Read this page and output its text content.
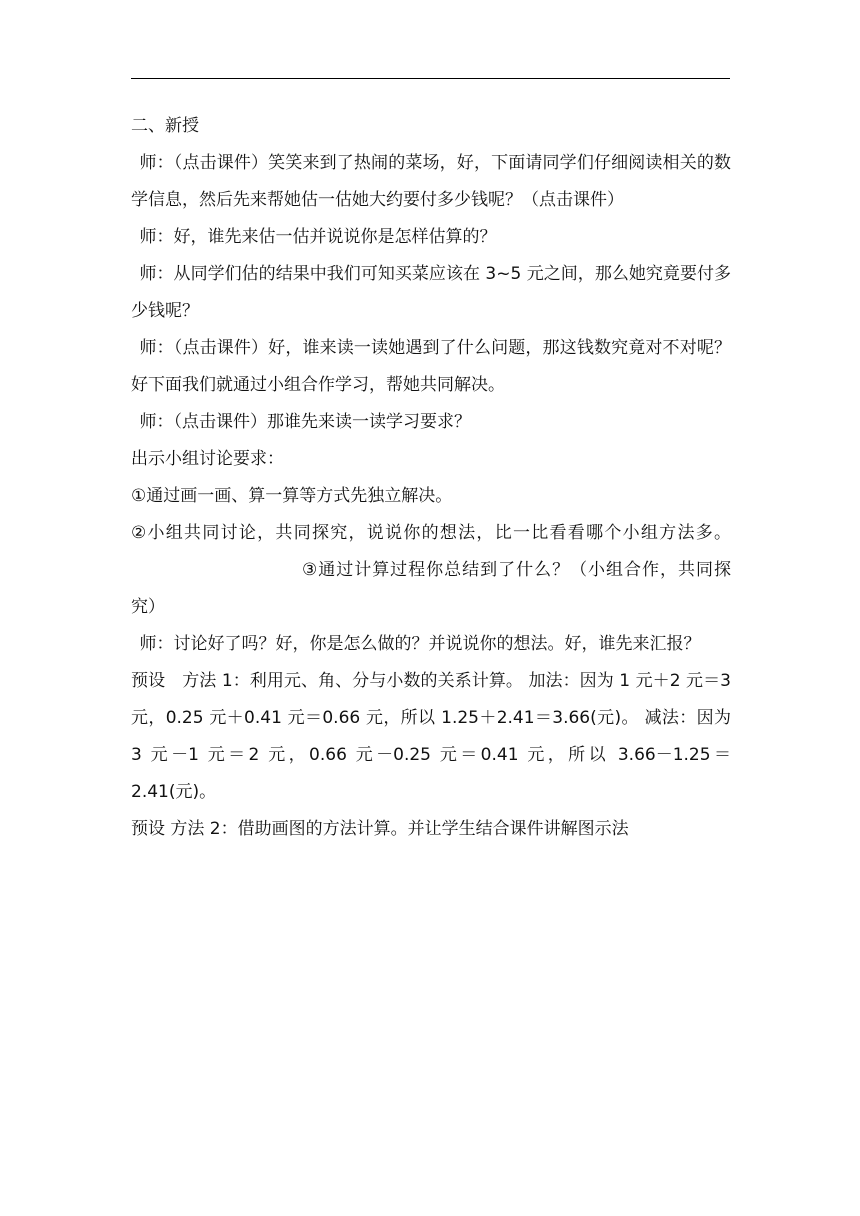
二、新授

师：（点击课件）笑笑来到了热闹的菜场，好，下面请同学们仔细阅读相关的数学信息，然后先来帮她估一估她大约要付多少钱呢？（点击课件）

师：好，谁先来估一估并说说你是怎样估算的？

师：从同学们估的结果中我们可知买菜应该在 3~5 元之间，那么她究竟要付多少钱呢？

师：（点击课件）好，谁来读一读她遇到了什么问题，那这钱数究竟对不对呢？好下面我们就通过小组合作学习，帮她共同解决。

师：（点击课件）那谁先来读一读学习要求？

出示小组讨论要求：

①通过画一画、算一算等方式先独立解决。

②小组共同讨论，共同探究，说说你的想法，比一比看看哪个小组方法多。③通过计算过程你总结到了什么？（小组合作，共同探究）

师：讨论好了吗？好，你是怎么做的？并说说你的想法。好，谁先来汇报？

预设　方法 1：利用元、角、分与小数的关系计算。 加法：因为 1 元＋2 元＝3 元，0.25 元＋0.41 元＝0.66 元，所以 1.25＋2.41＝3.66(元)。 减法：因为 3 元－1 元＝2 元，0.66 元－0.25 元＝0.41 元，所以 3.66－1.25＝2.41(元)。

预设 方法 2：借助画图的方法计算。并让学生结合课件讲解图示法
